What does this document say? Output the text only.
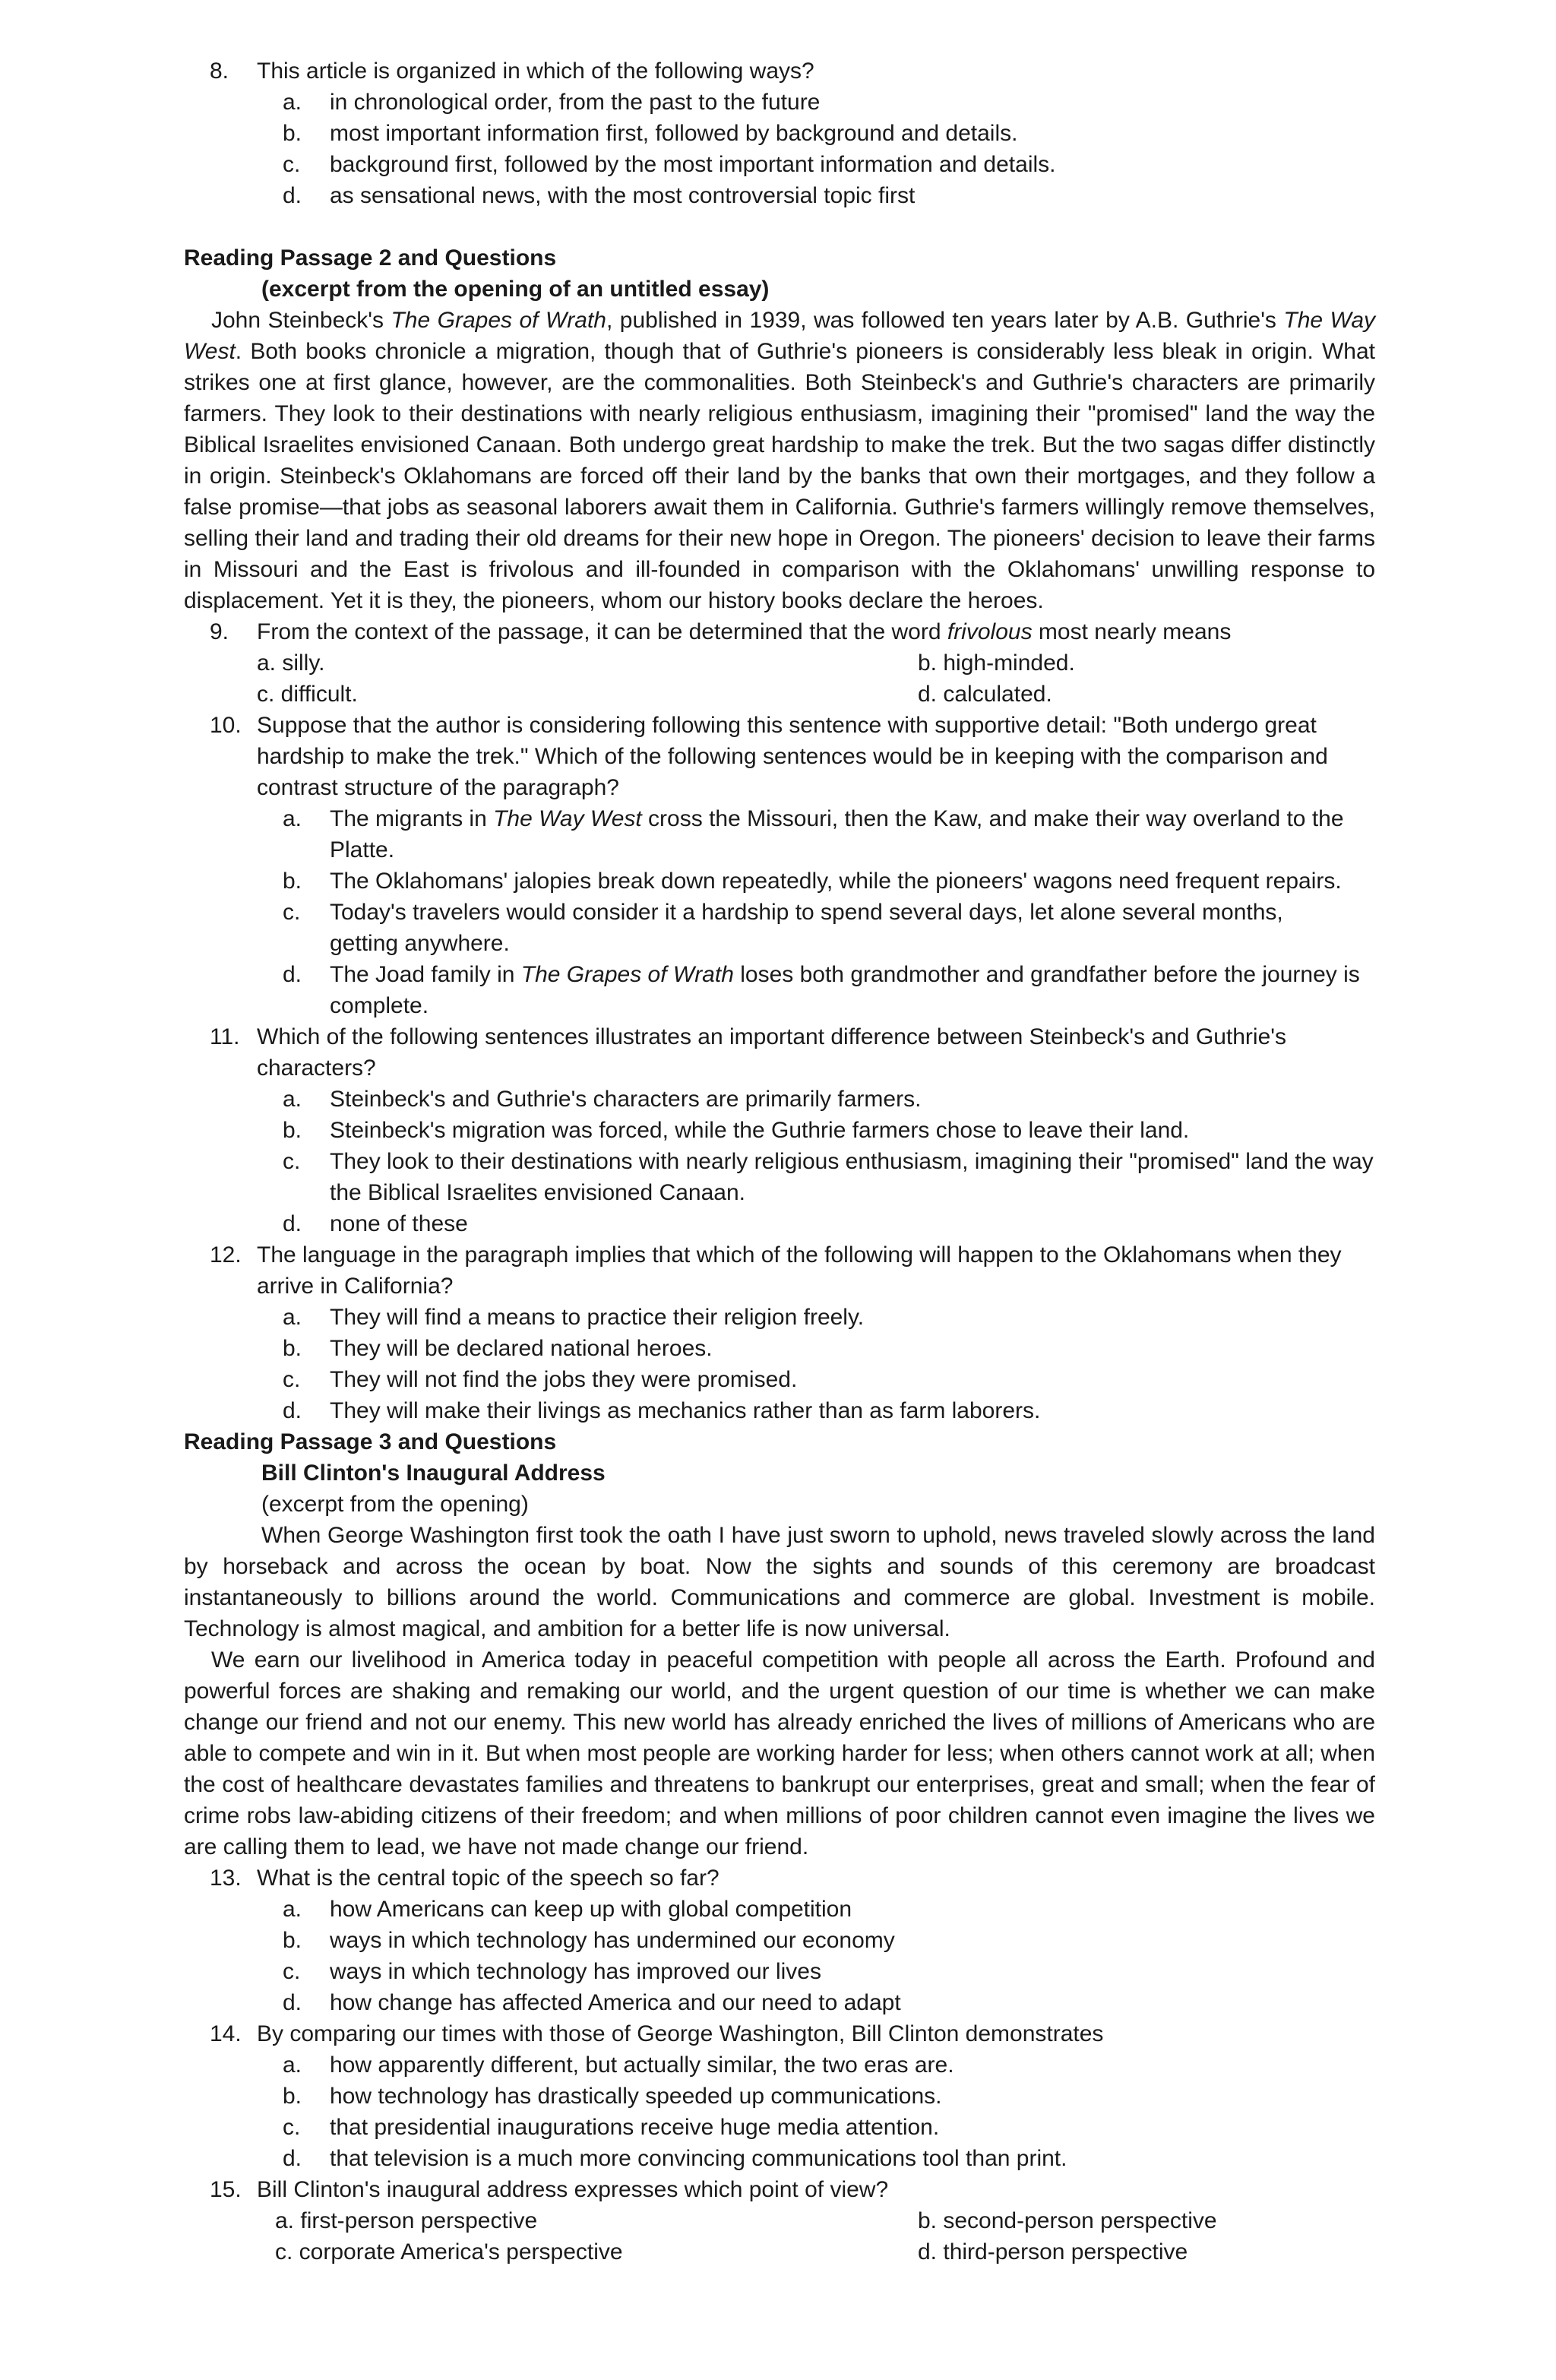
8. This article is organized in which of the following ways?
a. in chronological order, from the past to the future
b. most important information first, followed by background and details.
c. background first, followed by the most important information and details.
d. as sensational news, with the most controversial topic first
Reading Passage 2 and Questions
(excerpt from the opening of an untitled essay)
John Steinbeck's The Grapes of Wrath, published in 1939, was followed ten years later by A.B. Guthrie's The Way West. Both books chronicle a migration, though that of Guthrie's pioneers is considerably less bleak in origin. What strikes one at first glance, however, are the commonalities. Both Steinbeck's and Guthrie's characters are primarily farmers. They look to their destinations with nearly religious enthusiasm, imagining their "promised" land the way the Biblical Israelites envisioned Canaan. Both undergo great hardship to make the trek. But the two sagas differ distinctly in origin. Steinbeck's Oklahomans are forced off their land by the banks that own their mortgages, and they follow a false promise—that jobs as seasonal laborers await them in California. Guthrie's farmers willingly remove themselves, selling their land and trading their old dreams for their new hope in Oregon. The pioneers' decision to leave their farms in Missouri and the East is frivolous and ill-founded in comparison with the Oklahomans' unwilling response to displacement. Yet it is they, the pioneers, whom our history books declare the heroes.
9. From the context of the passage, it can be determined that the word frivolous most nearly means
a. silly.	b. high-minded.
c. difficult.	d. calculated.
10. Suppose that the author is considering following this sentence with supportive detail: "Both undergo great hardship to make the trek." Which of the following sentences would be in keeping with the comparison and contrast structure of the paragraph?
a. The migrants in The Way West cross the Missouri, then the Kaw, and make their way overland to the Platte.
b. The Oklahomans' jalopies break down repeatedly, while the pioneers' wagons need frequent repairs.
c. Today's travelers would consider it a hardship to spend several days, let alone several months, getting anywhere.
d. The Joad family in The Grapes of Wrath loses both grandmother and grandfather before the journey is complete.
11. Which of the following sentences illustrates an important difference between Steinbeck's and Guthrie's characters?
a. Steinbeck's and Guthrie's characters are primarily farmers.
b. Steinbeck's migration was forced, while the Guthrie farmers chose to leave their land.
c. They look to their destinations with nearly religious enthusiasm, imagining their "promised" land the way the Biblical Israelites envisioned Canaan.
d. none of these
12. The language in the paragraph implies that which of the following will happen to the Oklahomans when they arrive in California?
a. They will find a means to practice their religion freely.
b. They will be declared national heroes.
c. They will not find the jobs they were promised.
d. They will make their livings as mechanics rather than as farm laborers.
Reading Passage 3 and Questions
Bill Clinton's Inaugural Address
(excerpt from the opening)
When George Washington first took the oath I have just sworn to uphold, news traveled slowly across the land by horseback and across the ocean by boat. Now the sights and sounds of this ceremony are broadcast instantaneously to billions around the world. Communications and commerce are global. Investment is mobile. Technology is almost magical, and ambition for a better life is now universal.
We earn our livelihood in America today in peaceful competition with people all across the Earth. Profound and powerful forces are shaking and remaking our world, and the urgent question of our time is whether we can make change our friend and not our enemy. This new world has already enriched the lives of millions of Americans who are able to compete and win in it. But when most people are working harder for less; when others cannot work at all; when the cost of healthcare devastates families and threatens to bankrupt our enterprises, great and small; when the fear of crime robs law-abiding citizens of their freedom; and when millions of poor children cannot even imagine the lives we are calling them to lead, we have not made change our friend.
13. What is the central topic of the speech so far?
a. how Americans can keep up with global competition
b. ways in which technology has undermined our economy
c. ways in which technology has improved our lives
d. how change has affected America and our need to adapt
14. By comparing our times with those of George Washington, Bill Clinton demonstrates
a. how apparently different, but actually similar, the two eras are.
b. how technology has drastically speeded up communications.
c. that presidential inaugurations receive huge media attention.
d. that television is a much more convincing communications tool than print.
15. Bill Clinton's inaugural address expresses which point of view?
a. first-person perspective	b. second-person perspective
c. corporate America's perspective	d. third-person perspective
